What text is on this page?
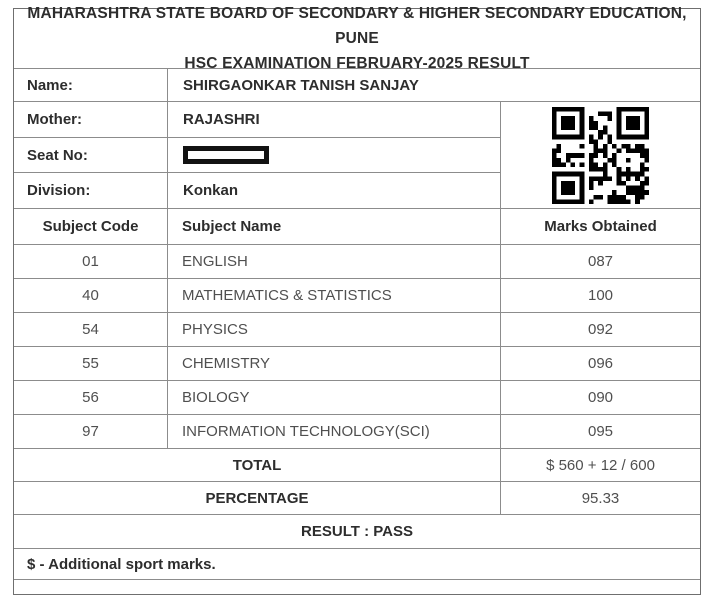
MAHARASHTRA STATE BOARD OF SECONDARY & HIGHER SECONDARY EDUCATION, PUNE
HSC EXAMINATION FEBRUARY-2025 RESULT
Name:	SHIRGAONKAR TANISH SANJAY
Mother:	RAJASHRI
Seat No:
Division:	Konkan
Subject Code	Subject Name	Marks Obtained
01	ENGLISH	087
40	MATHEMATICS & STATISTICS	100
54	PHYSICS	092
55	CHEMISTRY	096
56	BIOLOGY	090
97	INFORMATION TECHNOLOGY(SCI)	095
TOTAL	$ 560 + 12 / 600
PERCENTAGE	95.33
RESULT : PASS
$ - Additional sport marks.
